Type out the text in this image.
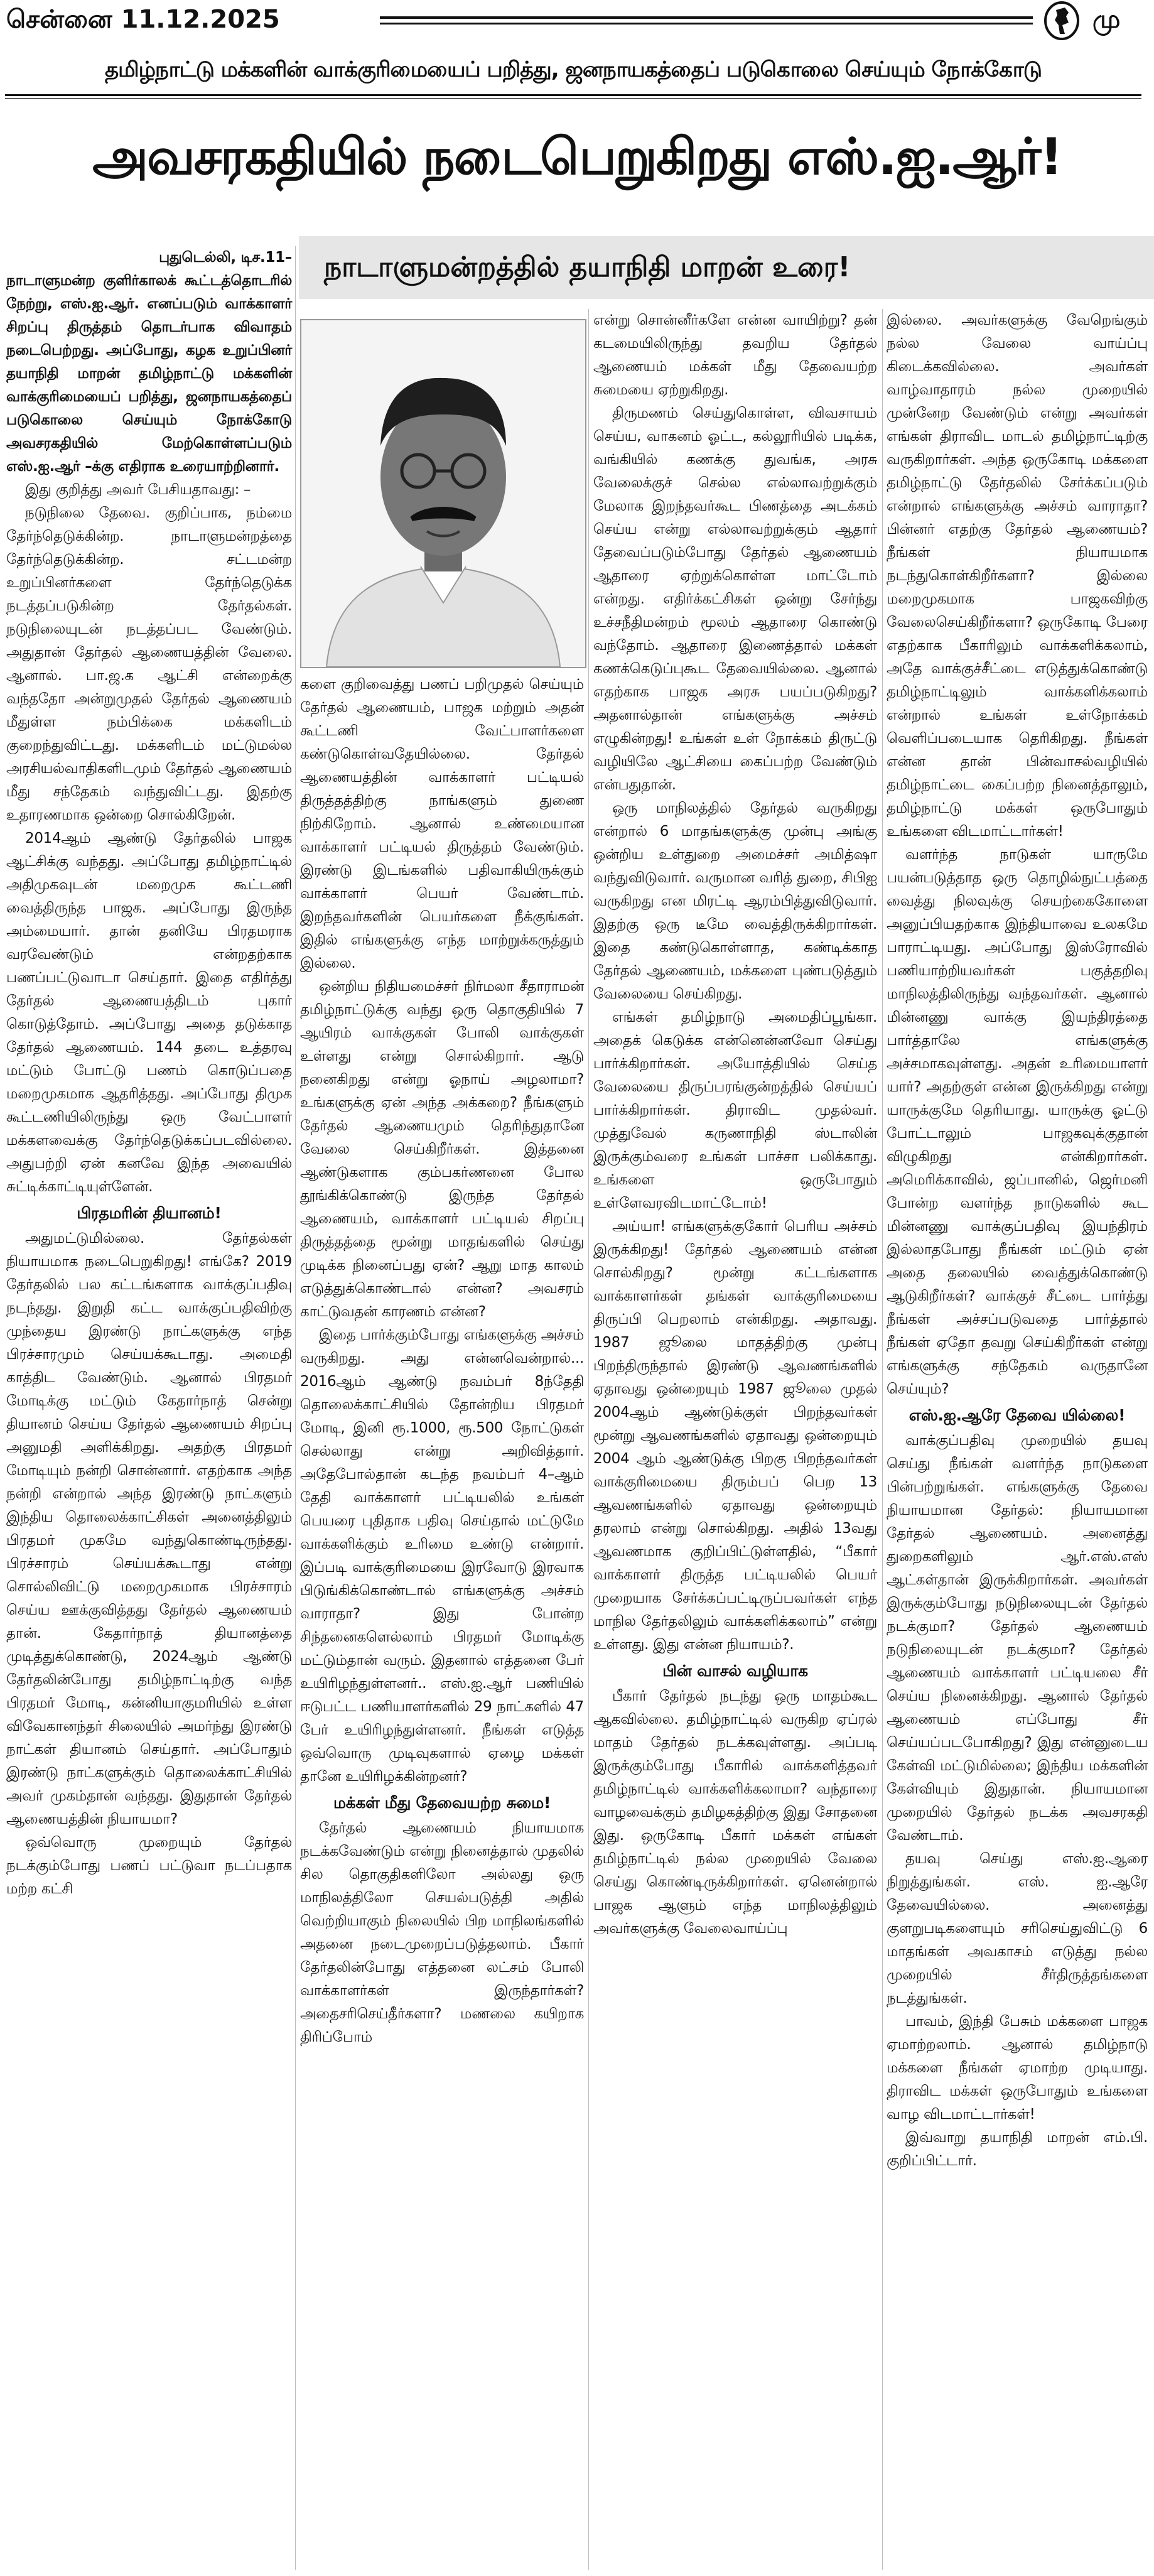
சென்னை 11.12.2025	மு
தமிழ்நாட்டு மக்களின் வாக்குரிமையைப் பறித்து, ஜனநாயகத்தைப் படுகொலை செய்யும் நோக்கோடு
அவசரகதியில் நடைபெறுகிறது எஸ்.ஐ.ஆர்!
நாடாளுமன்றத்தில் தயாநிதி மாறன் உரை!

புதுடெல்லி, டிச.11–
நாடாளுமன்ற குளிர்காலக் கூட்டத்தொடரில் நேற்று, எஸ்.ஐ.ஆர். எனப்படும் வாக்காளர் சிறப்பு திருத்தம் தொடர்பாக விவாதம் நடைபெற்றது. அப்போது, கழக உறுப்பினர் தயாநிதி மாறன் தமிழ்நாட்டு மக்களின் வாக்குரிமையைப் பறித்து, ஜனநாயகத்தைப் படுகொலை செய்யும் நோக்கோடு அவசரகதியில் மேற்கொள்ளப்படும் எஸ்.ஐ.ஆர் –க்கு எதிராக உரையாற்றினார்.

இது குறித்து அவர் பேசியதாவது: –

நடுநிலை தேவை. குறிப்பாக, நம்மை தேர்ந்தெடுக்கின்ற. நாடாளுமன்றத்தை தேர்ந்தெடுக்கின்ற. சட்டமன்ற உறுப்பினர்களை தேர்ந்தெடுக்க நடத்தப்படுகின்ற தேர்தல்கள். நடுநிலையுடன் நடத்தப்பட வேண்டும். அதுதான் தேர்தல் ஆணையத்தின் வேலை. ஆனால். பா.ஜ.க ஆட்சி என்றைக்கு வந்ததோ அன்றுமுதல் தேர்தல் ஆணையம் மீதுள்ள நம்பிக்கை மக்களிடம் குறைந்துவிட்டது. மக்களிடம் மட்டுமல்ல அரசியல்வாதிகளிடமும் தேர்தல் ஆணையம் மீது சந்தேகம் வந்துவிட்டது. இதற்கு உதாரணமாக ஒன்றை சொல்கிறேன்.

2014ஆம் ஆண்டு தேர்தலில் பாஜக ஆட்சிக்கு வந்தது. அப்போது தமிழ்நாட்டில் அதிமுகவுடன் மறைமுக கூட்டணி வைத்திருந்த பாஜக. அப்போது இருந்த அம்மையார். தான் தனியே பிரதமராக வரவேண்டும் என்றதற்காக பணப்பட்டுவாடா செய்தார். இதை எதிர்த்து தேர்தல் ஆணையத்திடம் புகார் கொடுத்தோம். அப்போது அதை தடுக்காத தேர்தல் ஆணையம். 144 தடை உத்தரவு மட்டும் போட்டு பணம் கொடுப்பதை மறைமுகமாக ஆதரித்தது. அப்போது திமுக கூட்டணியிலிருந்து ஒரு வேட்பாளர் மக்களவைக்கு தேர்ந்தெடுக்கப்படவில்லை. அதுபற்றி ஏன் கனவே இந்த அவையில் சுட்டிக்காட்டியுள்ளேன்.

பிரதமரின் தியானம்!

அதுமட்டுமில்லை. தேர்தல்கள் நியாயமாக நடைபெறுகிறது! எங்கே? 2019 தேர்தலில் பல கட்டங்களாக வாக்குப்பதிவு நடந்தது. இறுதி கட்ட வாக்குப்பதிவிற்கு முந்தைய இரண்டு நாட்களுக்கு எந்த பிரச்சாரமும் செய்யக்கூடாது. அமைதி காத்திட வேண்டும். ஆனால் பிரதமர் மோடிக்கு மட்டும் கேதார்நாத் சென்று தியானம் செய்ய தேர்தல் ஆணையம் சிறப்பு அனுமதி அளிக்கிறது. அதற்கு பிரதமர் மோடியும் நன்றி சொன்னார். எதற்காக அந்த நன்றி என்றால் அந்த இரண்டு நாட்களும் இந்திய தொலைக்காட்சிகள் அனைத்திலும் பிரதமர் முகமே வந்துகொண்டிருந்தது. பிரச்சாரம் செய்யக்கூடாது என்று சொல்லிவிட்டு மறைமுகமாக பிரச்சாரம் செய்ய ஊக்குவித்தது தேர்தல் ஆணையம் தான். கேதார்நாத் தியானத்தை முடித்துக்கொண்டு, 2024ஆம் ஆண்டு தேர்தலின்போது தமிழ்நாட்டிற்கு வந்த பிரதமர் மோடி, கன்னியாகுமரியில் உள்ள விவேகானந்தர் சிலையில் அமர்ந்து இரண்டு நாட்கள் தியானம் செய்தார். அப்போதும் இரண்டு நாட்களுக்கும் தொலைக்காட்சியில் அவர் முகம்தான் வந்தது. இதுதான் தேர்தல் ஆணையத்தின் நியாயமா?

ஒவ்வொரு முறையும் தேர்தல் நடக்கும்போது பணப் பட்டுவா நடப்பதாக மற்ற கட்சி

களை குறிவைத்து பணப் பறிமுதல் செய்யும் தேர்தல் ஆணையம், பாஜக மற்றும் அதன் கூட்டணி வேட்பாளர்களை கண்டுகொள்வதேயில்லை. தேர்தல் ஆணையத்தின் வாக்காளர் பட்டியல் திருத்தத்திற்கு நாங்களும் துணை நிற்கிறோம். ஆனால் உண்மையான வாக்காளர் பட்டியல் திருத்தம் வேண்டும். இரண்டு இடங்களில் பதிவாகியிருக்கும் வாக்காளர் பெயர் வேண்டாம். இறந்தவர்களின் பெயர்களை நீக்குங்கள். இதில் எங்களுக்கு எந்த மாற்றுக்கருத்தும் இல்லை.

ஒன்றிய நிதியமைச்சர் நிர்மலா சீதாராமன் தமிழ்நாட்டுக்கு வந்து ஒரு தொகுதியில் 7 ஆயிரம் வாக்குகள் போலி வாக்குகள் உள்ளது என்று சொல்கிறார். ஆடு நனைகிறது என்று ஓநாய் அழலாமா? உங்களுக்கு ஏன் அந்த அக்கறை? நீங்களும் தேர்தல் ஆணையமும் தெரிந்துதானே வேலை செய்கிறீர்கள். இத்தனை ஆண்டுகளாக கும்பகர்ணனை போல தூங்கிக்கொண்டு இருந்த தேர்தல் ஆணையம், வாக்காளர் பட்டியல் சிறப்பு திருத்தத்தை மூன்று மாதங்களில் செய்து முடிக்க நினைப்பது ஏன்? ஆறு மாத காலம் எடுத்துக்கொண்டால் என்ன? அவசரம் காட்டுவதன் காரணம் என்ன?

இதை பார்க்கும்போது எங்களுக்கு அச்சம் வருகிறது. அது என்னவென்றால்... 2016ஆம் ஆண்டு நவம்பர் 8ந்தேதி தொலைக்காட்சியில் தோன்றிய பிரதமர் மோடி, இனி ரூ.1000, ரூ.500 நோட்டுகள் செல்லாது என்று அறிவித்தார். அதேபோல்தான் கடந்த நவம்பர் 4–ஆம் தேதி வாக்காளர் பட்டியலில் உங்கள் பெயரை புதிதாக பதிவு செய்தால் மட்டுமே வாக்களிக்கும் உரிமை உண்டு என்றார். இப்படி வாக்குரிமையை இரவோடு இரவாக பிடுங்கிக்கொண்டால் எங்களுக்கு அச்சம் வாராதா? இது போன்ற சிந்தனைகளெல்லாம் பிரதமர் மோடிக்கு மட்டும்தான் வரும். இதனால் எத்தனை பேர் உயிரிழந்துள்ளனர்.. எஸ்.ஐ.ஆர் பணியில் ஈடுபட்ட பணியாளர்களில் 29 நாட்களில் 47 பேர் உயிரிழந்துள்ளனர். நீங்கள் எடுத்த ஒவ்வொரு முடிவுகளால் ஏழை மக்கள் தானே உயிரிழக்கின்றனர்?

மக்கள் மீது தேவையற்ற சுமை!

தேர்தல் ஆணையம் நியாயமாக நடக்கவேண்டும் என்று நினைத்தால் முதலில் சில தொகுதிகளிலோ அல்லது ஒரு மாநிலத்திலோ செயல்படுத்தி அதில் வெற்றியாகும் நிலையில் பிற மாநிலங்களில் அதனை நடைமுறைப்படுத்தலாம். பீகார் தேர்தலின்போது எத்தனை லட்சம் போலி வாக்காளர்கள் இருந்தார்கள்? அதைசரிசெய்தீர்களா? மணலை கயிறாக திரிப்போம்

என்று சொன்னீர்களே என்ன வாயிற்று? தன் கடமையிலிருந்து தவறிய தேர்தல் ஆணையம் மக்கள் மீது தேவையற்ற சுமையை ஏற்றுகிறது.

திருமணம் செய்துகொள்ள, விவசாயம் செய்ய, வாகனம் ஓட்ட, கல்லூரியில் படிக்க, வங்கியில் கணக்கு துவங்க, அரசு வேலைக்குச் செல்ல எல்லாவற்றுக்கும் மேலாக இறந்தவர்கூட பிணத்தை அடக்கம் செய்ய என்று எல்லாவற்றுக்கும் ஆதார் தேவைப்படும்போது தேர்தல் ஆணையம் ஆதாரை ஏற்றுக்கொள்ள மாட்டோம் என்றது. எதிர்க்கட்சிகள் ஒன்று சேர்ந்து உச்சநீதிமன்றம் மூலம் ஆதாரை கொண்டு வந்தோம். ஆதாரை இணைத்தால் மக்கள் கணக்கெடுப்புகூட தேவையில்லை. ஆனால் எதற்காக பாஜக அரசு பயப்படுகிறது? அதனால்தான் எங்களுக்கு அச்சம் எழுகின்றது! உங்கள் உள் நோக்கம் திருட்டு வழியிலே ஆட்சியை கைப்பற்ற வேண்டும் என்பதுதான்.

ஒரு மாநிலத்தில் தேர்தல் வருகிறது என்றால் 6 மாதங்களுக்கு முன்பு அங்கு ஒன்றிய உள்துறை அமைச்சர் அமித்ஷா வந்துவிடுவார். வருமான வரித் துறை, சிபிஐ வருகிறது என மிரட்டி ஆரம்பித்துவிடுவார். இதற்கு ஒரு டீமே வைத்திருக்கிறார்கள். இதை கண்டுகொள்ளாத, கண்டிக்காத தேர்தல் ஆணையம், மக்களை புண்படுத்தும் வேலையை செய்கிறது.

எங்கள் தமிழ்நாடு அமைதிப்பூங்கா. அதைக் கெடுக்க என்னென்னவோ செய்து பார்க்கிறார்கள். அயோத்தியில் செய்த வேலையை திருப்பரங்குன்றத்தில் செய்யப் பார்க்கிறார்கள். திராவிட முதல்வர். முத்துவேல் கருணாநிதி ஸ்டாலின் இருக்கும்வரை உங்கள் பாச்சா பலிக்காது. உங்களை ஒருபோதும் உள்ளேவரவிடமாட்டோம்!

அய்யா! எங்களுக்குகோர் பெரிய அச்சம் இருக்கிறது! தேர்தல் ஆணையம் என்ன சொல்கிறது? மூன்று கட்டங்களாக வாக்காளர்கள் தங்கள் வாக்குரிமையை திருப்பி பெறலாம் என்கிறது. அதாவது. 1987 ஜூலை மாதத்திற்கு முன்பு பிறந்திருந்தால் இரண்டு ஆவணங்களில் ஏதாவது ஒன்றையும் 1987 ஜூலை முதல் 2004ஆம் ஆண்டுக்குள் பிறந்தவர்கள் மூன்று ஆவணங்களில் ஏதாவது ஒன்றையும் 2004 ஆம் ஆண்டுக்கு பிறகு பிறந்தவர்கள் வாக்குரிமையை திரும்பப் பெற 13 ஆவணங்களில் ஏதாவது ஒன்றையும் தரலாம் என்று சொல்கிறது. அதில் 13வது ஆவணமாக குறிப்பிட்டுள்ளதில், “பீகார் வாக்காளர் திருத்த பட்டியலில் பெயர் முறையாக சேர்க்கப்பட்டிருப்பவர்கள் எந்த மாநில தேர்தலிலும் வாக்களிக்கலாம்” என்று உள்ளது. இது என்ன நியாயம்?.

பின் வாசல் வழியாக

பீகார் தேர்தல் நடந்து ஒரு மாதம்கூட ஆகவில்லை. தமிழ்நாட்டில் வருகிற ஏப்ரல் மாதம் தேர்தல் நடக்கவுள்ளது. அப்படி இருக்கும்போது பீகாரில் வாக்களித்தவர் தமிழ்நாட்டில் வாக்களிக்கலாமா? வந்தாரை வாழவைக்கும் தமிழகத்திற்கு இது சோதனை இது. ஒருகோடி பீகார் மக்கள் எங்கள் தமிழ்நாட்டில் நல்ல முறையில் வேலை செய்து கொண்டிருக்கிறார்கள். ஏனென்றால் பாஜக ஆளும் எந்த மாநிலத்திலும் அவர்களுக்கு வேலைவாய்ப்பு

இல்லை. அவர்களுக்கு வேறெங்கும் நல்ல வேலை வாய்ப்பு கிடைக்கவில்லை. அவர்கள் வாழ்வாதாரம் நல்ல முறையில் முன்னேற வேண்டும் என்று அவர்கள் எங்கள் திராவிட மாடல் தமிழ்நாட்டிற்கு வருகிறார்கள். அந்த ஒருகோடி மக்களை தமிழ்நாட்டு தேர்தலில் சேர்க்கப்படும் என்றால் எங்களுக்கு அச்சம் வாராதா? பின்னர் எதற்கு தேர்தல் ஆணையம்? நீங்கள் நியாயமாக நடந்துகொள்கிறீர்களா? இல்லை மறைமுகமாக பாஜகவிற்கு வேலைசெய்கிறீர்களா? ஒருகோடி பேரை எதற்காக பீகாரிலும் வாக்களிக்கலாம், அதே வாக்குச்சீட்டை எடுத்துக்கொண்டு தமிழ்நாட்டிலும் வாக்களிக்கலாம் என்றால் உங்கள் உள்நோக்கம் வெளிப்படையாக தெரிகிறது. நீங்கள் என்ன தான் பின்வாசல்வழியில் தமிழ்நாட்டை கைப்பற்ற நினைத்தாலும், தமிழ்நாட்டு மக்கள் ஒருபோதும் உங்களை விடமாட்டார்கள்!

வளர்ந்த நாடுகள் யாருமே பயன்படுத்தாத ஒரு தொழில்நுட்பத்தை வைத்து நிலவுக்கு செயற்கைகோளை அனுப்பியதற்காக இந்தியாவை உலகமே பாராட்டியது. அப்போது இஸ்ரோவில் பணியாற்றியவர்கள் பகுத்தறிவு மாநிலத்திலிருந்து வந்தவர்கள். ஆனால் மின்னணு வாக்கு இயந்திரத்தை பார்த்தாலே எங்களுக்கு அச்சமாகவுள்ளது. அதன் உரிமையாளர் யார்? அதற்குள் என்ன இருக்கிறது என்று யாருக்குமே தெரியாது. யாருக்கு ஓட்டு போட்டாலும் பாஜகவுக்குதான் விழுகிறது என்கிறார்கள். அமெரிக்காவில், ஜப்பானில், ஜெர்மனி போன்ற வளர்ந்த நாடுகளில் கூட மின்னணு வாக்குப்பதிவு இயந்திரம் இல்லாதபோது நீங்கள் மட்டும் ஏன் அதை தலையில் வைத்துக்கொண்டு ஆடுகிறீர்கள்? வாக்குச் சீட்டை பார்த்து நீங்கள் அச்சப்படுவதை பார்த்தால் நீங்கள் ஏதோ தவறு செய்கிறீர்கள் என்று எங்களுக்கு சந்தேகம் வருதானே செய்யும்?

எஸ்.ஐ.ஆரே தேவை யில்லை!

வாக்குப்பதிவு முறையில் தயவு செய்து நீங்கள் வளர்ந்த நாடுகளை பின்பற்றுங்கள். எங்களுக்கு தேவை நியாயமான தேர்தல்: நியாயமான தேர்தல் ஆணையம். அனைத்து துறைகளிலும் ஆர்.எஸ்.எஸ் ஆட்கள்தான் இருக்கிறார்கள். அவர்கள் இருக்கும்போது நடுநிலையுடன் தேர்தல் நடக்குமா? தேர்தல் ஆணையம் நடுநிலையுடன் நடக்குமா? தேர்தல் ஆணையம் வாக்காளர் பட்டியலை சீர் செய்ய நினைக்கிறது. ஆனால் தேர்தல் ஆணையம் எப்போது சீர் செய்யப்படபோகிறது? இது என்னுடைய கேள்வி மட்டுமில்லை; இந்திய மக்களின் கேள்வியும் இதுதான். நியாயமான முறையில் தேர்தல் நடக்க அவசரகதி வேண்டாம்.

தயவு செய்து எஸ்.ஐ.ஆரை நிறுத்துங்கள். எஸ். ஐ.ஆரே தேவையில்லை. அனைத்து குளறுபடிகளையும் சரிசெய்துவிட்டு 6 மாதங்கள் அவகாசம் எடுத்து நல்ல முறையில் சீர்திருத்தங்களை நடத்துங்கள்.

பாவம், இந்தி பேசும் மக்களை பாஜக ஏமாற்றலாம். ஆனால் தமிழ்நாடு மக்களை நீங்கள் ஏமாற்ற முடியாது. திராவிட மக்கள் ஒருபோதும் உங்களை வாழ விடமாட்டார்கள்!

இவ்வாறு தயாநிதி மாறன் எம்.பி. குறிப்பிட்டார்.
